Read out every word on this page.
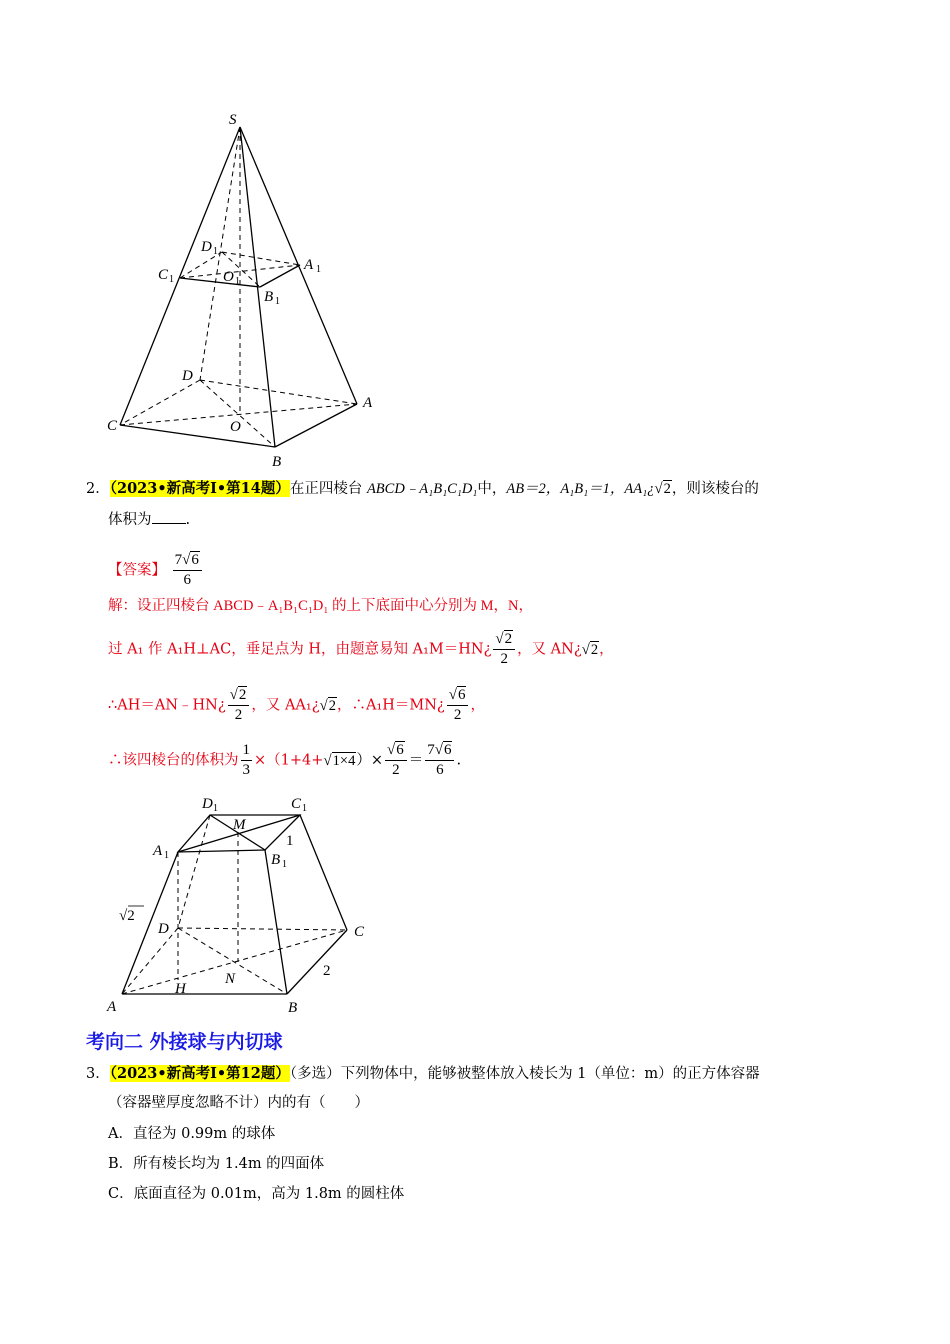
S
D 1
A 1
C 1	O 1
B 1
D
A
C	O
B
2．（2023•新高考Ⅰ•第14题）在正四棱台 ABCD﹣A₁B₁C₁D₁中，AB＝2，A₁B₁＝1，AA₁¿√2，则该棱台的
体积为 .
【答案】 $\frac{7√6}{6}$
解：设正四棱台 ABCD﹣A₁B₁C₁D₁ 的上下底面中心分别为 M，N，
过 A₁ 作 A₁H⊥AC，垂足点为 H，由题意易知 A₁M＝HN¿ $\frac{√2}{2}$ ，又 AN¿√2，
∴AH＝AN﹣HN¿ $\frac{√2}{2}$ ，又 AA₁¿√2，∴A₁H＝MN¿ $\frac{√6}{2}$ ，
∴该四棱台的体积为 $\frac{1}{3} \times(1+4+√1\times 4)\times \frac{√6}{2} = \frac{7√6}{6}$ .
D 1	C 1
M
1
A 1	B 1
√2
D	C
2
N
A
H
B
考向二 外接球与内切球
3．（2023•新高考Ⅰ•第12题）（多选）下列物体中，能够被整体放入棱长为 1（单位：m）的正方体容器
（容器壁厚度忽略不计）内的有（　　）
A．直径为 0.99m 的球体
B．所有棱长均为 1.4m 的四面体
C．底面直径为 0.01m，高为 1.8m 的圆柱体
